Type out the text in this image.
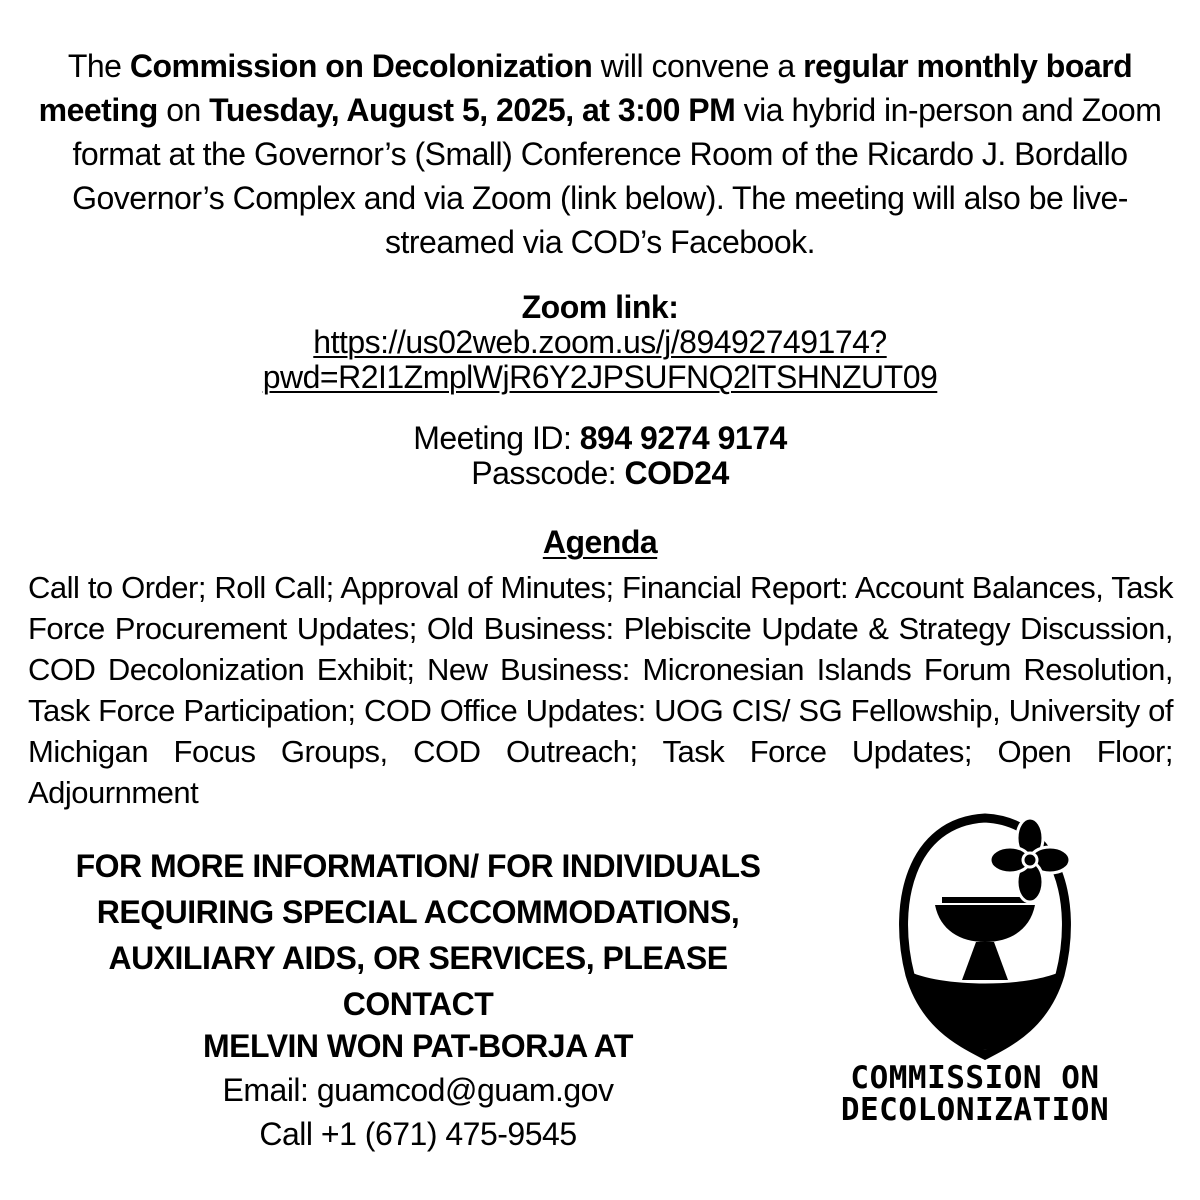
The Commission on Decolonization will convene a regular monthly board meeting on Tuesday, August 5, 2025, at 3:00 PM via hybrid in-person and Zoom format at the Governor’s (Small) Conference Room of the Ricardo J. Bordallo Governor’s Complex and via Zoom (link below). The meeting will also be live-streamed via COD’s Facebook.
Zoom link:
https://us02web.zoom.us/j/89492749174?
pwd=R2I1ZmplWjR6Y2JPSUFNQ2lTSHNZUT09
Meeting ID: 894 9274 9174
Passcode: COD24
Agenda
Call to Order; Roll Call; Approval of Minutes; Financial Report: Account Balances, Task Force Procurement Updates; Old Business: Plebiscite Update & Strategy Discussion, COD Decolonization Exhibit; New Business: Micronesian Islands Forum Resolution, Task Force Participation; COD Office Updates: UOG CIS/ SG Fellowship, University of Michigan Focus Groups, COD Outreach; Task Force Updates; Open Floor; Adjournment
FOR MORE INFORMATION/ FOR INDIVIDUALS
REQUIRING SPECIAL ACCOMMODATIONS,
AUXILIARY AIDS, OR SERVICES, PLEASE
CONTACT
MELVIN WON PAT-BORJA AT
Email: guamcod@guam.gov
Call +1 (671) 475-9545
COMMISSION ON
DECOLONIZATION
